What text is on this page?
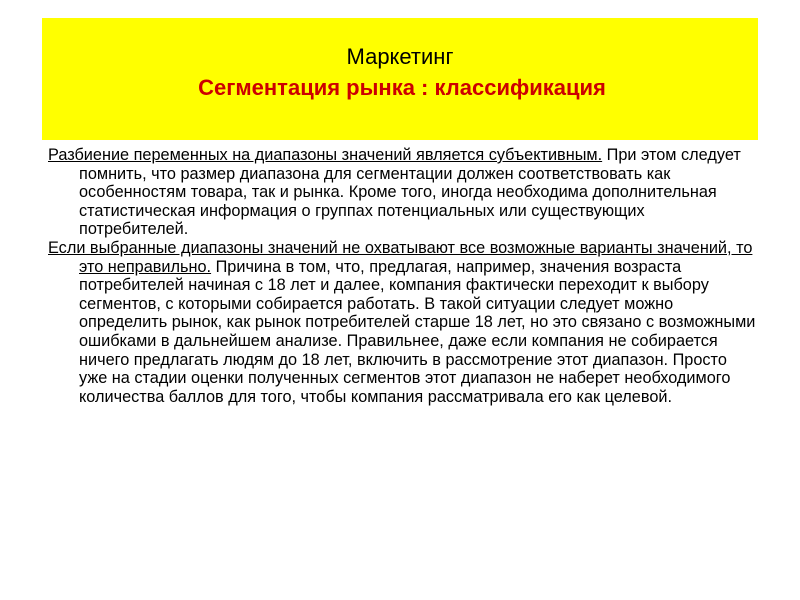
Маркетинг
Сегментация рынка : классификация

Разбиение переменных на диапазоны значений является субъективным. При этом следует помнить, что размер диапазона для сегментации должен соответствовать как особенностям товара, так и рынка. Кроме того, иногда необходима дополнительная статистическая информация о группах потенциальных или существующих потребителей.

Если выбранные диапазоны значений не охватывают все возможные варианты значений, то это неправильно. Причина в том, что, предлагая, например, значения возраста потребителей начиная с 18 лет и далее, компания фактически переходит к выбору сегментов, с которыми собирается работать. В такой ситуации следует можно определить рынок, как рынок потребителей старше 18 лет, но это связано с возможными ошибками в дальнейшем анализе. Правильнее, даже если компания не собирается ничего предлагать людям до 18 лет, включить в рассмотрение этот диапазон. Просто уже на стадии оценки полученных сегментов этот диапазон не наберет необходимого количества баллов для того, чтобы компания рассматривала его как целевой.
